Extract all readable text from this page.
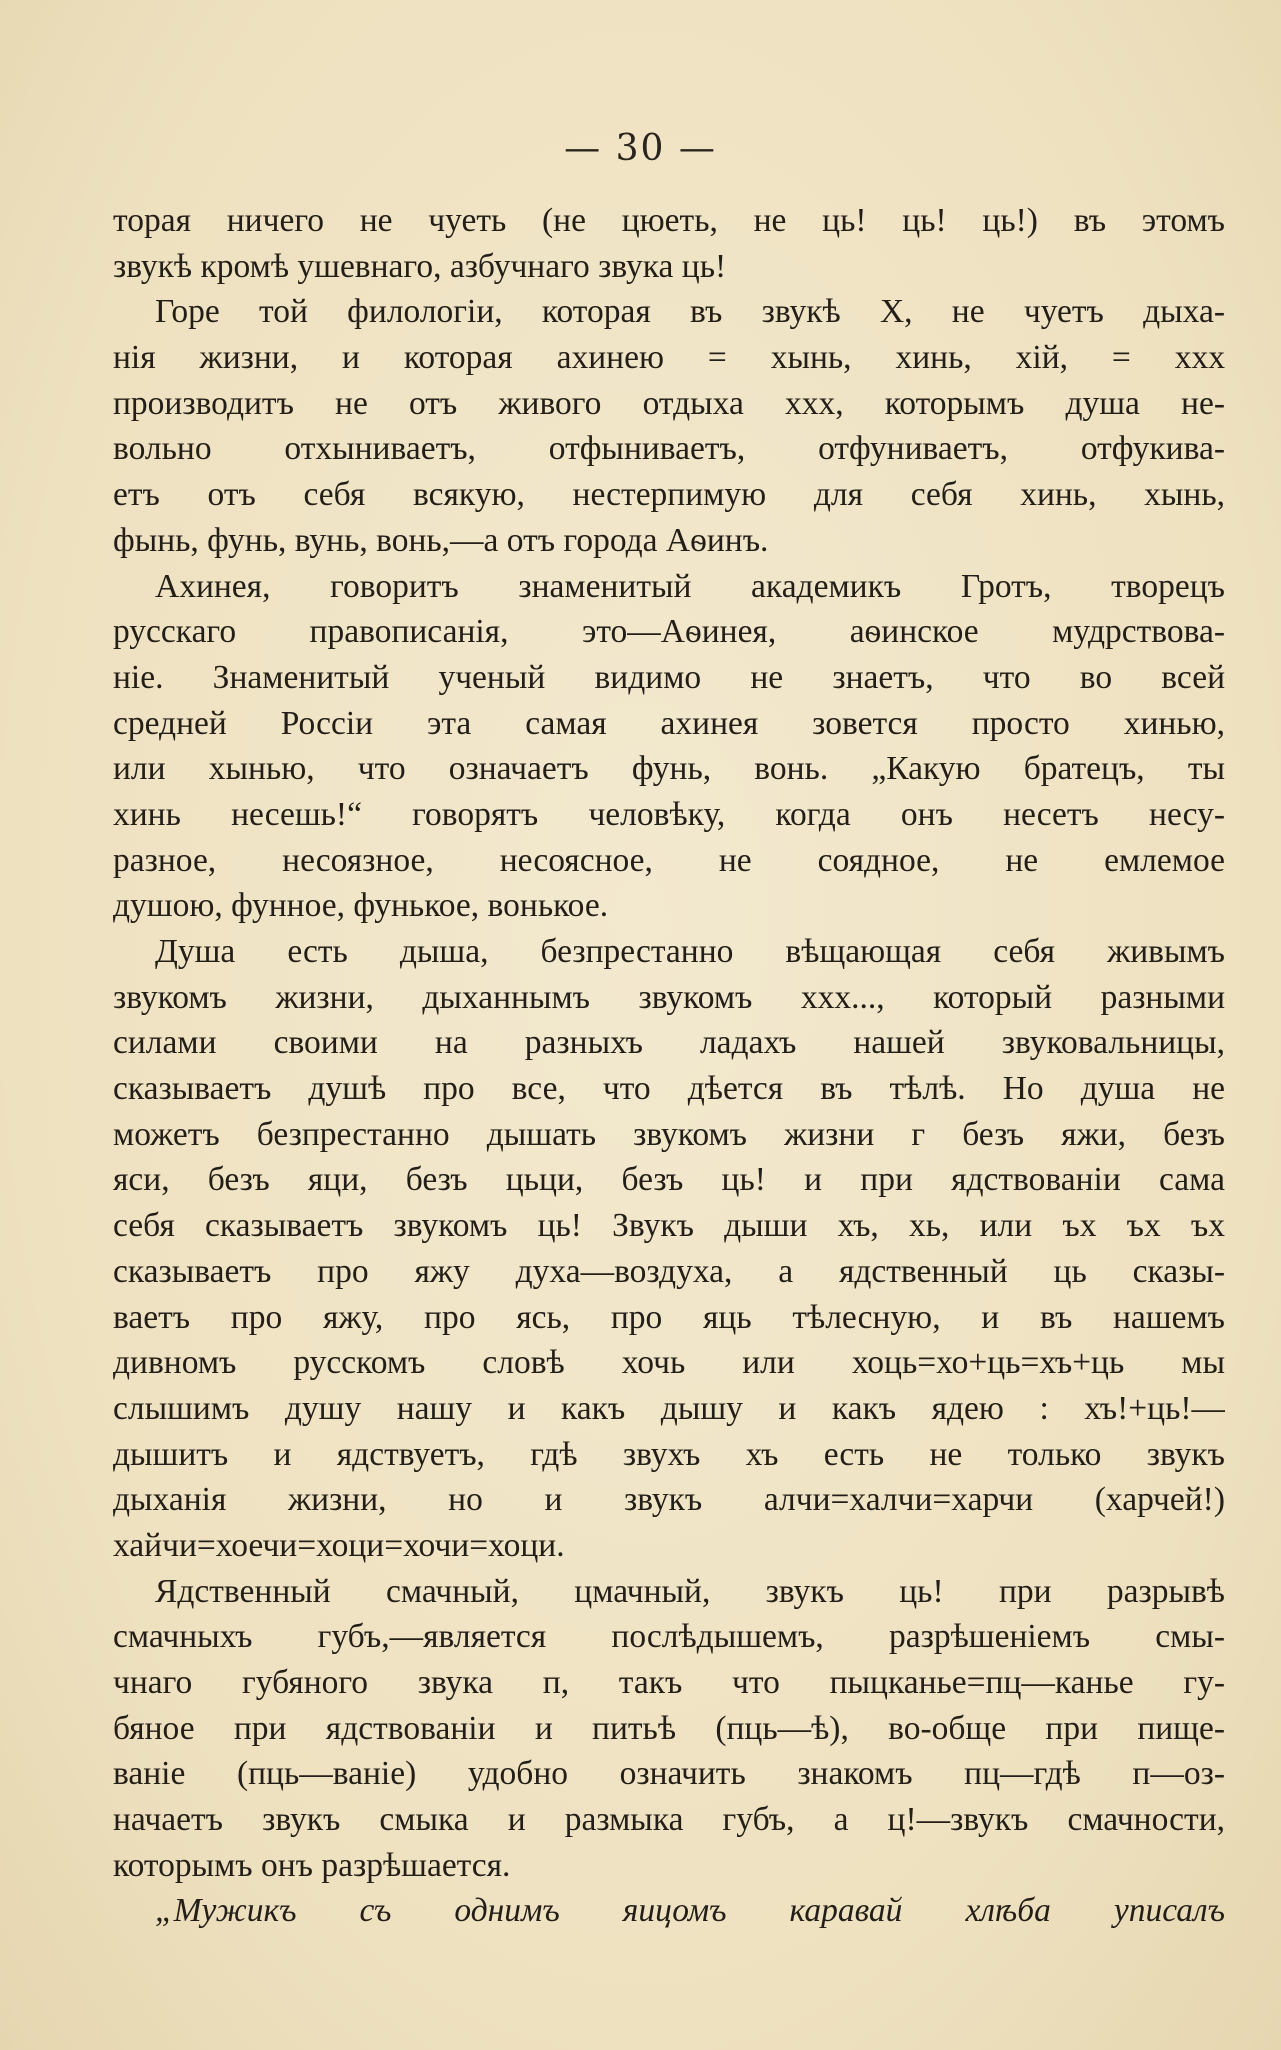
— 30 —
торая ничего не чуеть (не цюеть, не ць! ць! ць!) въ этомъ
звукѣ кромѣ ушевнаго, азбучнаго звука ць!
Горе той филологіи, которая въ звукѣ Х, не чуетъ дыха-
нія жизни, и которая ахинею = хынь, хинь, хій, = ххх
производитъ не отъ живого отдыха ххх, которымъ душа не-
вольно отхыниваетъ, отфыниваетъ, отфуниваетъ, отфукива-
етъ отъ себя всякую, нестерпимую для себя хинь, хынь,
фынь, фунь, вунь, вонь,—а отъ города Аѳинъ.
Ахинея, говоритъ знаменитый академикъ Гротъ, творецъ
русскаго правописанія, это—Аѳинея, аѳинское мудрствова-
ніе. Знаменитый ученый видимо не знаетъ, что во всей
средней Россіи эта самая ахинея зовется просто хинью,
или хынью, что означаетъ фунь, вонь. „Какую братецъ, ты
хинь несешь!“ говорятъ человѣку, когда онъ несетъ несу-
разное, несоязное, несоясное, не соядное, не емлемое
душою, фунное, фунькое, вонькое.
Душа есть дыша, безпрестанно вѣщающая себя живымъ
звукомъ жизни, дыханнымъ звукомъ ххх..., который разными
силами своими на разныхъ ладахъ нашей звуковальницы,
сказываетъ душѣ про все, что дѣется въ тѣлѣ. Но душа не
можетъ безпрестанно дышать звукомъ жизни г безъ яжи, безъ
яси, безъ яци, безъ цьци, безъ ць! и при ядствованіи сама
себя сказываетъ звукомъ ць! Звукъ дыши хъ, хь, или ъх ъх ъх
сказываетъ про яжу духа—воздуха, а ядственный ць сказы-
ваетъ про яжу, про ясь, про яць тѣлесную, и въ нашемъ
дивномъ русскомъ словѣ хочь или хоць=хо+ць=хъ+ць мы
слышимъ душу нашу и какъ дышу и какъ ядею : хъ!+ць!—
дышитъ и ядствуетъ, гдѣ звухъ хъ есть не только звукъ
дыханія жизни, но и звукъ алчи=халчи=харчи (харчей!)
хайчи=хоечи=хоци=хочи=хоци.
Ядственный смачный, цмачный, звукъ ць! при разрывѣ
смачныхъ губъ,—является послѣдышемъ, разрѣшеніемъ смы-
чнаго губяного звука п, такъ что пыцканье=пц—канье гу-
бяное при ядствованіи и питьѣ (пць—ѣ), во-обще при пище-
ваніе (пць—ваніе) удобно означить знакомъ пц—гдѣ п—оз-
начаетъ звукъ смыка и размыка губъ, а ц!—звукъ смачности,
которымъ онъ разрѣшается.
„Мужикъ съ однимъ яицомъ каравай хлѣба уписалъ
